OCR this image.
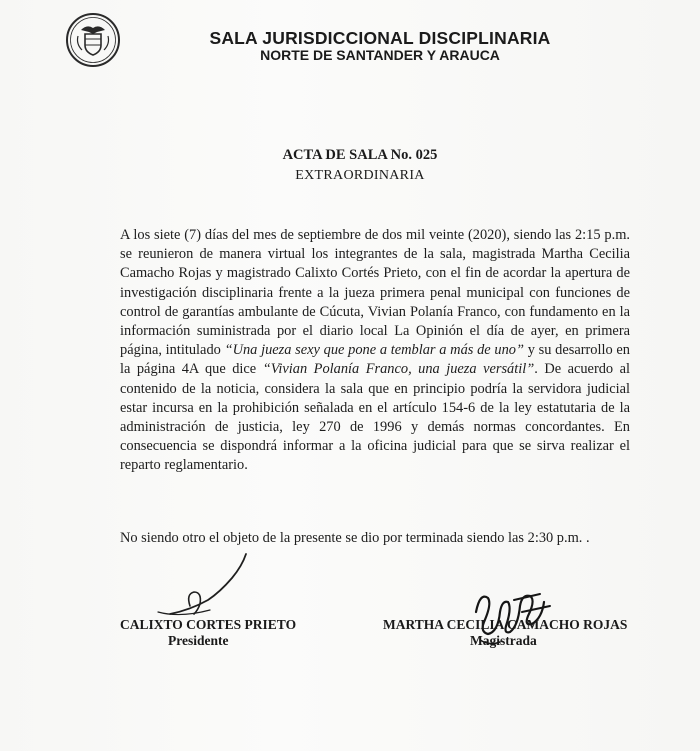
SALA JURISDICCIONAL DISCIPLINARIA
NORTE DE SANTANDER Y ARAUCA
ACTA DE SALA No. 025
EXTRAORDINARIA

A los siete (7) días del mes de septiembre de dos mil veinte (2020), siendo las 2:15 p.m. se reunieron de manera virtual los integrantes de la sala, magistrada Martha Cecilia Camacho Rojas y magistrado Calixto Cortés Prieto, con el fin de acordar la apertura de investigación disciplinaria frente a la jueza primera penal municipal con funciones de control de garantías ambulante de Cúcuta, Vivian Polanía Franco, con fundamento en la información suministrada por el diario local La Opinión el día de ayer, en primera página, intitulado “Una jueza sexy que pone a temblar a más de uno” y su desarrollo en la página 4A que dice “Vivian Polanía Franco, una jueza versátil”. De acuerdo al contenido de la noticia, considera la sala que en principio podría la servidora judicial estar incursa en la prohibición señalada en el artículo 154-6 de la ley estatutaria de la administración de justicia, ley 270 de 1996 y demás normas concordantes. En consecuencia se dispondrá informar a la oficina judicial para que se sirva realizar el reparto reglamentario.

No siendo otro el objeto de la presente se dio por terminada siendo las 2:30 p.m. .
CALIXTO CORTES PRIETO
Presidente
MARTHA CECILIA CAMACHO ROJAS
Magistrada
